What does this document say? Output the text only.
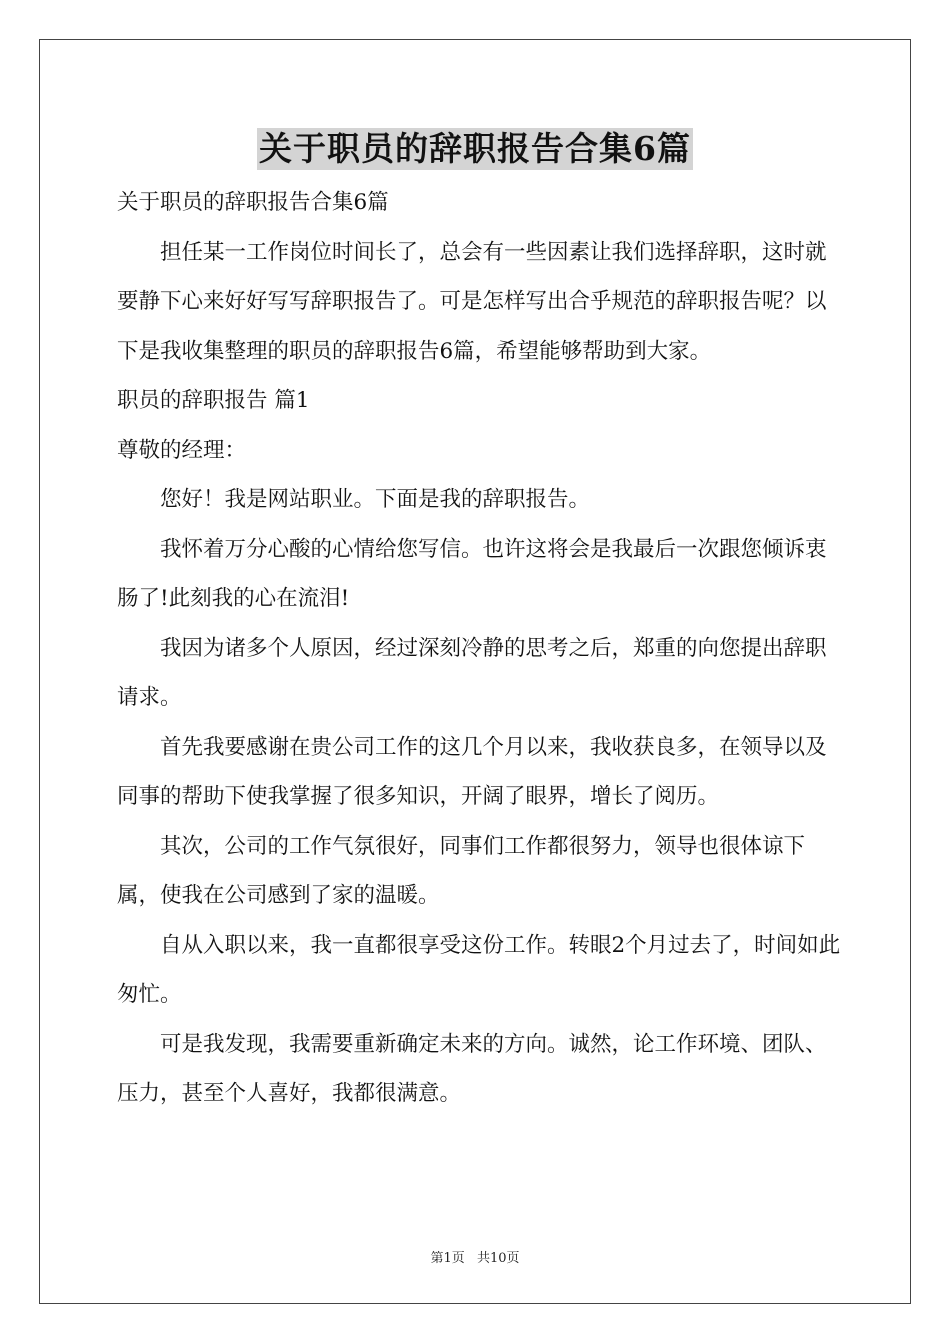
关于职员的辞职报告合集6篇

关于职员的辞职报告合集6篇

担任某一工作岗位时间长了，总会有一些因素让我们选择辞职，这时就要静下心来好好写写辞职报告了。可是怎样写出合乎规范的辞职报告呢？以下是我收集整理的职员的辞职报告6篇，希望能够帮助到大家。

职员的辞职报告 篇1

尊敬的经理：

您好！我是网站职业。下面是我的辞职报告。

我怀着万分心酸的心情给您写信。也许这将会是我最后一次跟您倾诉衷肠了!此刻我的心在流泪!

我因为诸多个人原因，经过深刻冷静的思考之后，郑重的向您提出辞职请求。

首先我要感谢在贵公司工作的这几个月以来，我收获良多，在领导以及同事的帮助下使我掌握了很多知识，开阔了眼界，增长了阅历。

其次，公司的工作气氛很好，同事们工作都很努力，领导也很体谅下属，使我在公司感到了家的温暖。

自从入职以来，我一直都很享受这份工作。转眼2个月过去了，时间如此匆忙。

可是我发现，我需要重新确定未来的方向。诚然，论工作环境、团队、压力，甚至个人喜好，我都很满意。

第1页 共10页
